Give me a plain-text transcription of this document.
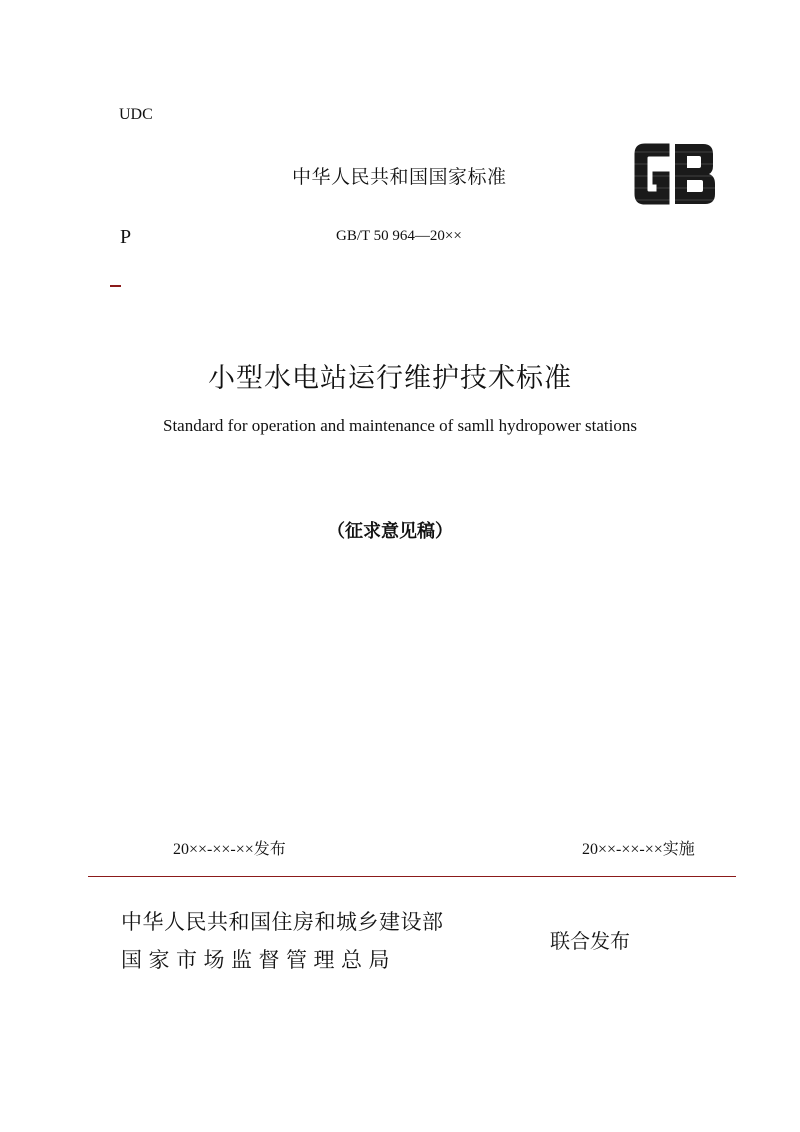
UDC
中华人民共和国国家标准
P	GB/T 50 964—20××
小型水电站运行维护技术标准
Standard for operation and maintenance of samll hydropower stations
（征求意见稿）
20××-××-××发布	20××-××-××实施
中华人民共和国住房和城乡建设部
国家市场监督管理总局
联合发布
